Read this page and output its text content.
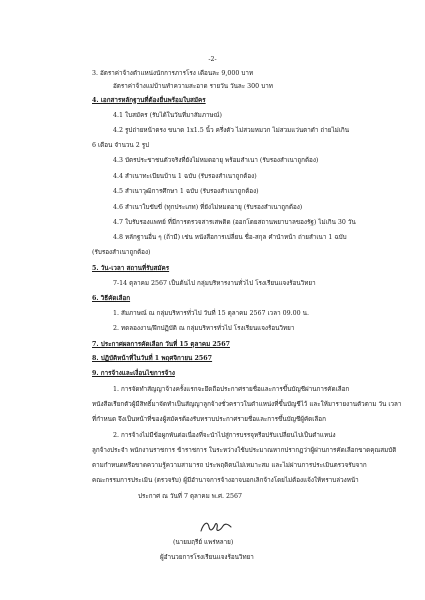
-2-
3. อัตราค่าจ้างตำแหน่งนักการภารโรง เดือนละ 9,000 บาท
อัตราค่าจ้างแม่บ้านทำความสะอาด รายวัน วันละ 300 บาท
4. เอกสารหลักฐานที่ต้องยื่นพร้อมใบสมัคร
4.1 ใบสมัคร (รับได้ในวันที่มาสัมภาษณ์)
4.2 รูปถ่ายหน้าตรง ขนาด 1x1.5 นิ้ว ครึ่งตัว ไม่สวมหมวก ไม่สวมแว่นตาดำ ถ่ายไม่เกิน
6 เดือน จำนวน 2 รูป
4.3 บัตรประชาชนตัวจริงที่ยังไม่หมดอายุ พร้อมสำเนา (รับรองสำเนาถูกต้อง)
4.4 สำเนาทะเบียนบ้าน 1 ฉบับ (รับรองสำเนาถูกต้อง)
4.5 สำเนาวุฒิการศึกษา 1 ฉบับ (รับรองสำเนาถูกต้อง)
4.6 สำเนาใบขับขี่ (ทุกประเภท) ที่ยังไม่หมดอายุ (รับรองสำเนาถูกต้อง)
4.7 ใบรับรองแพทย์ ที่มีการตรวจสารเสพติด (ออกโดยสถานพยาบาลของรัฐ) ไม่เกิน 30 วัน
4.8 หลักฐานอื่น ๆ (ถ้ามี) เช่น หนังสือการเปลี่ยน ชื่อ-สกุล คำนำหน้า ถ่ายสำเนา 1 ฉบับ
(รับรองสำเนาถูกต้อง)
5. วัน-เวลา สถานที่รับสมัคร
7-14 ตุลาคม 2567 เป็นต้นไป กลุ่มบริหารงานทั่วไป โรงเรียนแจงร้อนวิทยา
6. วิธีคัดเลือก
1. สัมภาษณ์ ณ กลุ่มบริหารทั่วไป วันที่ 15 ตุลาคม 2567 เวลา 09.00 น.
2. ทดลองงาน/ฝึกปฏิบัติ ณ กลุ่มบริหารทั่วไป โรงเรียนแจงร้อนวิทยา
7. ประกาศผลการคัดเลือก วันที่ 15 ตุลาคม 2567
8. ปฏิบัติหน้าที่ในวันที่ 1 พฤศจิกายน 2567
9. การจ้างและเงื่อนไขการจ้าง
1. การจัดทำสัญญาจ้างครั้งแรกจะยึดถือประกาศรายชื่อและการขึ้นบัญชีผ่านการคัดเลือก
หนังสือเรียกตัวผู้มีสิทธิ์มาจัดทำเป็นสัญญาลูกจ้างชั่วคราวในตำแหน่งที่ขึ้นบัญชีไว้ และให้มารายงานตัวตาม วัน เวลา
ที่กำหนด จึงเป็นหน้าที่ของผู้สมัครต้องรับทราบประกาศรายชื่อและการขึ้นบัญชีผู้คัดเลือก
2. การจ้างไม่มีข้อผูกพันต่อเนื่องที่จะนำไปสู่การบรรจุหรือปรับเปลี่ยนไปเป็นตำแหน่ง
ลูกจ้างประจำ พนักงานราชการ ข้าราชการ ในระหว่างใช้บประมาณหากปรากฏว่าผู้ผ่านการคัดเลือกขาดคุณสมบัติ
ตามกำหนดหรือขาดความรู้ความสามารถ ประพฤติตนไม่เหมาะสม และไม่ผ่านการประเมินตรวจรับจาก
คณะกรรมการประเมิน (ตรวจรับ) ผู้มีอำนาจการจ้างอาจบอกเลิกจ้างโดยไม่ต้องแจ้งให้ทราบล่วงหน้า
ประกาศ ณ วันที่ 7 ตุลาคม พ.ศ. 2567
(นายมฤรีย์ แพร่หลาย)
ผู้อำนวยการโรงเรียนแจงร้อนวิทยา
